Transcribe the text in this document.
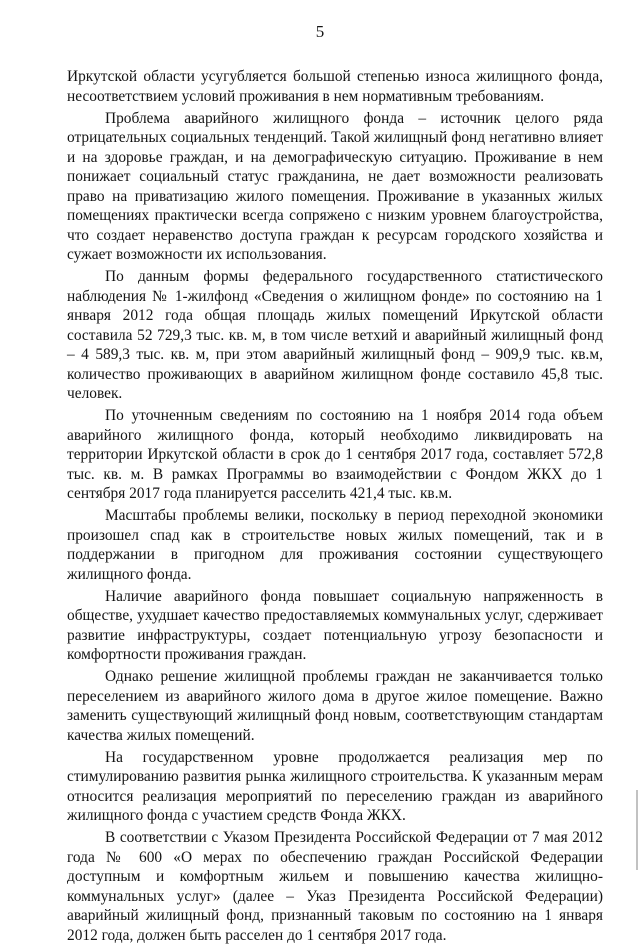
5

Иркутской области усугубляется большой степенью износа жилищного фонда, несоответствием условий проживания в нем нормативным требованиям.

Проблема аварийного жилищного фонда – источник целого ряда отрицательных социальных тенденций. Такой жилищный фонд негативно влияет и на здоровье граждан, и на демографическую ситуацию. Проживание в нем понижает социальный статус гражданина, не дает возможности реализовать право на приватизацию жилого помещения. Проживание в указанных жилых помещениях практически всегда сопряжено с низким уровнем благоустройства, что создает неравенство доступа граждан к ресурсам городского хозяйства и сужает возможности их использования.

По данным формы федерального государственного статистического наблюдения № 1-жилфонд «Сведения о жилищном фонде» по состоянию на 1 января 2012 года общая площадь жилых помещений Иркутской области составила 52 729,3 тыс. кв. м, в том числе ветхий и аварийный жилищный фонд – 4 589,3 тыс. кв. м, при этом аварийный жилищный фонд – 909,9 тыс. кв.м, количество проживающих в аварийном жилищном фонде составило 45,8 тыс. человек.

По уточненным сведениям по состоянию на 1 ноября 2014 года объем аварийного жилищного фонда, который необходимо ликвидировать на территории Иркутской области в срок до 1 сентября 2017 года, составляет 572,8 тыс. кв. м. В рамках Программы во взаимодействии с Фондом ЖКХ до 1 сентября 2017 года планируется расселить 421,4 тыс. кв.м.

Масштабы проблемы велики, поскольку в период переходной экономики произошел спад как в строительстве новых жилых помещений, так и в поддержании в пригодном для проживания состоянии существующего жилищного фонда.

Наличие аварийного фонда повышает социальную напряженность в обществе, ухудшает качество предоставляемых коммунальных услуг, сдерживает развитие инфраструктуры, создает потенциальную угрозу безопасности и комфортности проживания граждан.

Однако решение жилищной проблемы граждан не заканчивается только переселением из аварийного жилого дома в другое жилое помещение. Важно заменить существующий жилищный фонд новым, соответствующим стандартам качества жилых помещений.

На государственном уровне продолжается реализация мер по стимулированию развития рынка жилищного строительства. К указанным мерам относится реализация мероприятий по переселению граждан из аварийного жилищного фонда с участием средств Фонда ЖКХ.

В соответствии с Указом Президента Российской Федерации от 7 мая 2012 года № 600 «О мерах по обеспечению граждан Российской Федерации доступным и комфортным жильем и повышению качества жилищно-коммунальных услуг» (далее – Указ Президента Российской Федерации) аварийный жилищный фонд, признанный таковым по состоянию на 1 января 2012 года, должен быть расселен до 1 сентября 2017 года.
